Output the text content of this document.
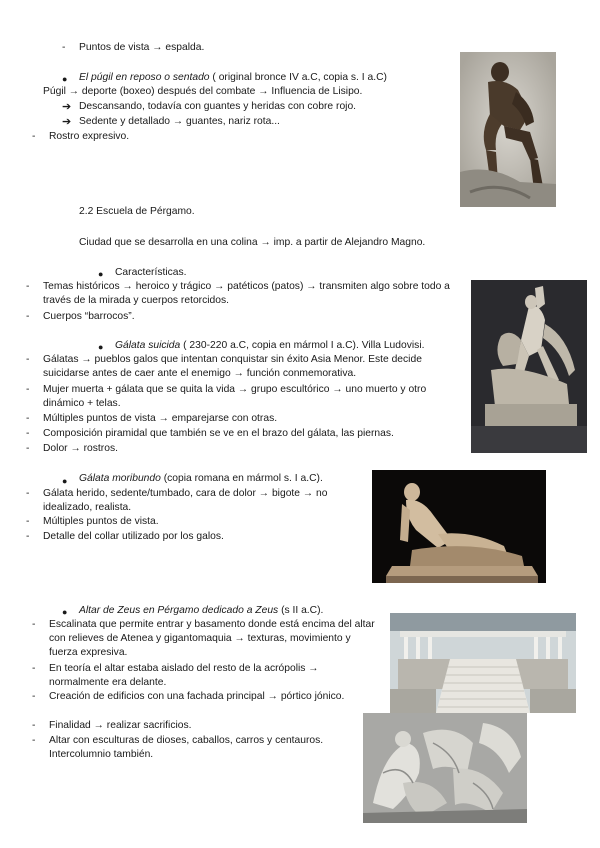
- Puntos de vista → espalda.
● El púgil en reposo o sentado ( original bronce IV a.C, copia s. I a.C)
Púgil → deporte (boxeo) después del combate → Influencia de Lisipo.
➔ Descansando, todavía con guantes y heridas con cobre rojo.
➔ Sedente y detallado → guantes, nariz rota...
- Rostro expresivo.
2.2 Escuela de Pérgamo.
Ciudad que se desarrolla en una colina → imp. a partir de Alejandro Magno.
● Características.
- Temas históricos → heroico y trágico → patéticos (patos) → transmiten algo sobre todo a través de la mirada y cuerpos retorcidos.
- Cuerpos “barrocos”.
● Gálata suicida ( 230-220 a.C, copia en mármol I a.C). Villa Ludovisi.
- Gálatas → pueblos galos que intentan conquistar sin éxito Asia Menor. Este decide suicidarse antes de caer ante el enemigo → función conmemorativa.
- Mujer muerta + gálata que se quita la vida → grupo escultórico → uno muerto y otro dinámico + telas.
- Múltiples puntos de vista → emparejarse con otras.
- Composición piramidal que también se ve en el brazo del gálata, las piernas.
- Dolor → rostros.
● Gálata moribundo (copia romana en mármol s. I a.C).
- Gálata herido, sedente/tumbado, cara de dolor → bigote → no idealizado, realista.
- Múltiples puntos de vista.
- Detalle del collar utilizado por los galos.
● Altar de Zeus en Pérgamo dedicado a Zeus (s II a.C).
- Escalinata que permite entrar y basamento donde está encima del altar con relieves de Atenea y gigantomaquia → texturas, movimiento y fuerza expresiva.
- En teoría el altar estaba aislado del resto de la acrópolis → normalmente era delante.
- Creación de edificios con una fachada principal → pórtico jónico.
- Finalidad → realizar sacrificios.
- Altar con esculturas de dioses, caballos, carros y centauros. Intercolumnio también.
